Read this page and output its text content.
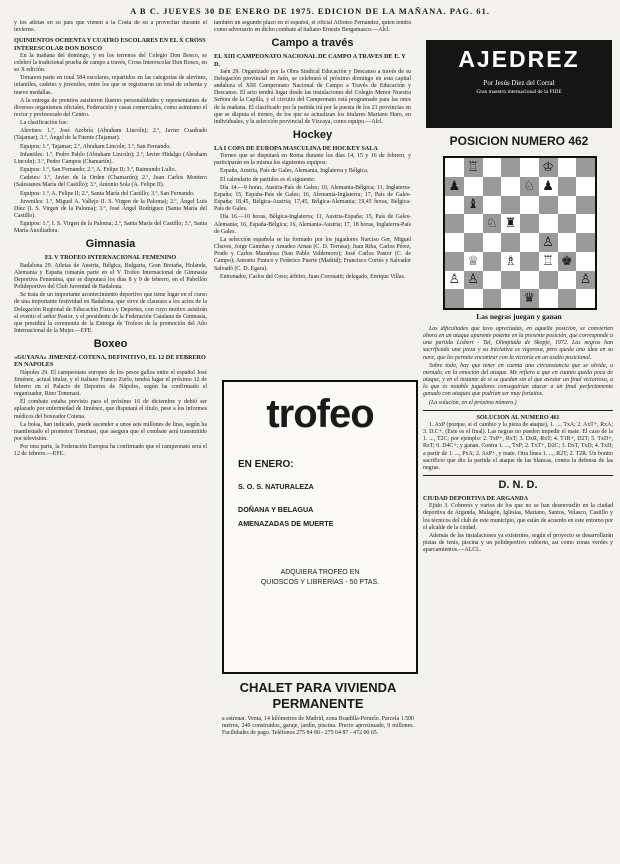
A B C. JUEVES 30 DE ENERO DE 1975. EDICION DE LA MAÑANA. PAG. 61.

y los atletas en su país que vienen a la Costa de su a provechar durante el invierno.

QUINIENTOS OCHENTA Y CUATRO ESCOLARES EN EL X CROSS INTERESCOLAR DON BOSCO

En la mañana del domingo, y en los terrenos del Colegio Don Bosco, se celebró la tradicional prueba de campo a través, Cross Interescolar Don Bosco, en su X edición.

Tomaron parte en total 584 escolares, repartidos en las categorías de alevines, infantiles, cadetes y juveniles, entre los que se registraron un total de ochenta y nueve medallas.

A la entrega de premios asistieron ilustres personalidades y representantes de diversos organismos oficiales, Federación y casas comerciales, como asimismo el rector y profesorado del Centro.

La clasificación fue:

Alevines: 1.º, José Azebría (Abraham Lincoln); 2.º, Javier Cuadrado (Tajamar); 3.º, Ángel de la Fuente (Tajamar).

Equipos: 1.º, Tajamar; 2.º, Abraham Lincoln; 3.º, San Fernando.

Infantiles: 1.º, Pedro Pablo (Abraham Lincoln); 2.º, Javier Hidalgo (Abraham Lincoln); 3.º, Pedro Campos (Chamartín).

Equipos: 1.º, San Fernando; 2.º, A. Felipe II; 3.º, Raimundo Lulio.

Cadetes: 1.º, Javier de la Orden (Chamartín); 2.º, Juan Carlos Montero (Salesianos María del Castillo); 3.º, Antonio Sola (A. Felipe II).

Equipos: 1.º, A. Felipe II; 2.º, Santa María del Castillo; 3.º, San Fernando.

Juveniles: 1.º, Miguel A. Vallejo (I. S. Virgen de la Paloma); 2.º, Ángel Luis Díez (I. S. Virgen de la Paloma); 3.º, José Ángel Rodríguez (Santa María del Castillo).

Equipos: 1.º, I. S. Virgen de la Paloma; 2.º, Santa María del Castillo; 3.º, Santa María Auxiliadora.

Gimnasia
EL V TROFEO INTERNACIONAL FEMENINO

Badalona 29. Atletas de Austria, Bélgica, Bulgaria, Gran Bretaña, Holanda, Alemania y España tomarán parte en el V Trofeo Internacional de Gimnasia Deportiva Femenina, que se disputará los días 8 y 9 de febrero, en el Pabellón Polideportivo del Club Juventud de Badalona.

Se trata de un importante acontecimiento deportivo que tiene lugar en el curso de una importante festividad en Badalona, que sirve de clausura a los actos de la Delegación Regional de Educación Física y Deportes, con cuyo motivo asistirán al evento el señor Pastor, y el presidente de la Federación Catalana de Gimnasia, que presidirá la ceremonia de la Entrega de Trofeos de la promoción del Año Internacional de la Mujer.—EFE.

Boxeo
«GUYANA» JIMENEZ-COTENA, DEFINITIVO, EL 12 DE FEBRERO EN NAPOLES

Nápoles 29. El campeonato europeo de los pesos gallos entre el español José Jiménez, actual titular, y el italiano Franco Zurlo, tendrá lugar el próximo 12 de febrero en el Palacio de Deportes de Nápoles, según ha confirmado el organizador, Rino Tommasi.

El combate estaba previsto para el próximo 16 de diciembre y debió ser aplazado por enfermedad de Jiménez, que disputará el título, pese a los informes médicos del boxeador Cotena.

La bolsa, han indicado, puede ascender a unos seis millones de liras, según ha manifestado el promotor Tommasi, que asegura que el combate será transmitido por televisión.

Por otra parte, la Federación Europea ha confirmado que el campeonato será el 12 de febrero.—EFE.

también un segundo plazo en el español, el oficial Alfonso Fernández, quien tendrá como adversario en dicho combate al italiano Ernesto Bergamasco.—Alcl.

Campo a través
EL XIII CAMPEONATO NACIONAL DE CAMPO A TRAVES DE E. Y D.

Jaén 29. Organizado por la Obra Sindical Educación y Descanso a través de su Delegación provincial en Jaén, se celebrará el próximo domingo en esta capital andaluza el XIII Campeonato Nacional de Campo a Través de Educación y Descanso. El acto tendrá lugar desde las instalaciones del Colegio Menor Nuestra Señora de la Capilla, y el circuito del Campeonato está programado para las once de la mañana. El clasificado por la partida irá por la puesta de los 21 provincias en que se disputa el torneo, de los que se actualizan los titulares Mariano Haro, en individuales, y la selección provincial de Vizcaya, como equipo.—Alcl.

Hockey
LA I COPA DE EUROPA MASCULINA DE HOCKEY SALA

Torneo que se disputará en Roma durante los días 14, 15 y 16 de febrero, y participarán en la misma los siguientes equipos:

España, Austria, País de Gales, Alemania, Inglaterra y Bélgica.

El calendario de partidos es el siguiente:

Día 14.—9 horas, Austria-País de Gales; 10, Alemania-Bélgica; 11, Inglaterra-España; 15, España-País de Gales; 16, Alemania-Inglaterra; 17, País de Gales-España; 18,45, Bélgica-Austria; 17,45, Bélgica-Alemania; 19,45 horas, Bélgica-País de Gales.

Día 16.—10 horas, Bélgica-Inglaterra; 11, Austria-España; 15, País de Gales-Alemania; 16, España-Bélgica; 16, Alemania-Austria; 17, 18 horas, Inglaterra-País de Gales.

La selección española se ha formado por los jugadores Narciso Ger, Miguel Chaves, Jorge Camiñas y Amadeo Arnau (C. D. Terrasa); Juan Riba, Carlos Pérez, Prado y Carlos Marañosa (San Pablo Valdemoro); José Carlos Pastor (C. de Campo); Antonio Franco y Federico Fuerte (Madrid); Francisco Cortés y Salvador Salvadó (C. D. Egara).

Entrenador, Carlos del Coso; árbitro, Juan Coronatti; delegado, Enrique Villas.

trofeo
EN ENERO:
S. O. S. NATURALEZA
DOÑANA Y BELAGUA
AMENAZADAS DE MUERTE
ADQUIERA TROFEO EN
QUIOSCOS Y LIBRERIAS - 50 PTAS.
CHALET PARA VIVIENDA
PERMANENTE
a estrenar. Venta, 14 kilómetros de Madrid, zona Boadilla-Peruelo. Parcela 1.500 metros, 240 construidos, garaje, jardín, piscina. Precio aproximado, 9 millones. Facilidades de pago. Teléfonos 275 84 80 - 275 64 87 - 472 00 65.
AJEDREZ
Por Jesús Díez del Corral
Gran maestro internacional de la FIDE
POSICION NUMERO 462
♖	♔
♟	♘ ♟
♝
♘ ♜
♙
♕ ♗ ♖ ♚
♙ ♙	♙
♛
Las negras juegan y ganan

Las dificultades que tuvo apreciadas, en aquella posición, se convierten ahora en un ataque aparente potente en la presente posición, que corresponde a una partida Lisbert - Tal, Olimpiada de Skopje, 1972. Las negras han sacrificado una pieza y su iniciativa es vigorosa, pero queda una idea en su nave, que les permite encontrar con la victoria en un asalto posicional.

Sobre todo, hay que tener en cuenta una circunstancia que se olvida, a menudo, en la emoción del ataque. Me refiero a que en cuanto queda poca de ataque, y en el instante de si se quedan sin el que asestar un final victorioso, a lo que es notable jugadores conseguirían atacar a un final perfectamente ganado con ataques que podrían ser muy fortuitos.

(La solución, en el próximo número.)

SOLUCION AL NUMERO 461

1. AxP (porque, si el cambio y la pieza de ataque), 1. ..., TxA; 2. AxT+, RxA; 3. D.C+. (Este es el final). Las negras no pueden impedir el mate. El caso de la 1. ..., T2C; por ejemplo: 2. TxP+, RxT; 3. DxR, RxT; 4. T1R+, D2T; 5. TxD+, RxT; 6. D4C+; y ganan. Contra 1. ..., TxP; 2. TxT+, D2C; 3. DxT, TxD; 4. TxD; a partir de 1. ..., PxA; 2. AxP+, y mate. Otra línea 1. ..., R2T; 2. T2R. Un bonito sacrificio que dio la partida el ataque de las blancas, contra la defensa de las negras.

D. N. D.
CIUDAD DEPORTIVA DE ARGANDA

Ejido 3. Cobreros y varios de los que no se han desenvuelto en la ciudad deportiva de Arganda, Malagón, Iglesias, Mariano, Santos, Velasco, Castillo y los técnicos del club de este municipio, que están de acuerdo en este entorno por el alcalde de la ciudad.

Además de las instalaciones ya existentes, según el proyecto se desarrollarán pistas de tenis, piscina y un polideportivo cubierto, así como zonas verdes y aparcamientos.—ALCL.
